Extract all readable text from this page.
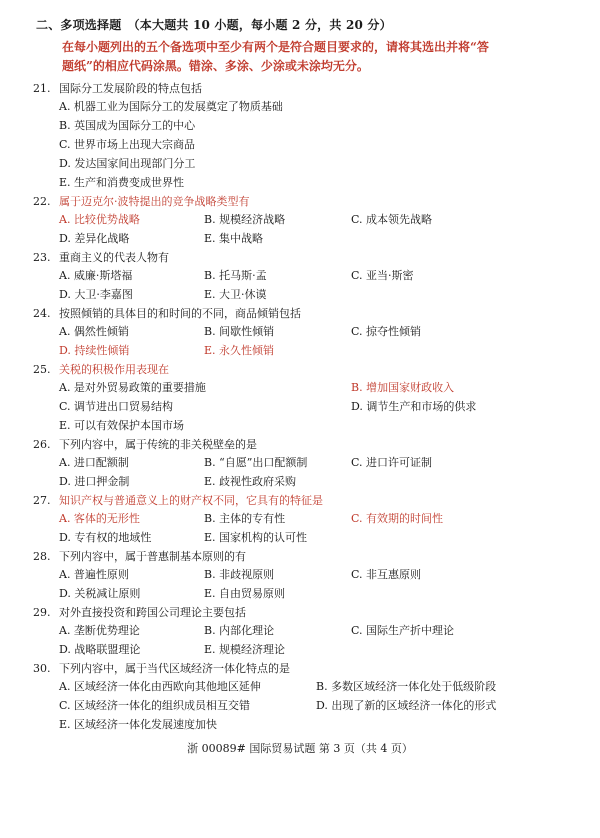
二、多项选择题　（本大题共 10 小题，每小题 2 分，共 20 分）
在每小题列出的五个备选项中至少有两个是符合题目要求的，请将其选出并将“答
题纸”的相应代码涂黑。错涂、多涂、少涂或未涂均无分。
21. 国际分工发展阶段的特点包括
A. 机器工业为国际分工的发展奠定了物质基础
B. 英国成为国际分工的中心
C. 世界市场上出现大宗商品
D. 发达国家间出现部门分工
E. 生产和消费变成世界性
22. 属于迈克尔·波特提出的竞争战略类型有
A. 比较优势战略	B. 规模经济战略	C. 成本领先战略
D. 差异化战略	E. 集中战略
23. 重商主义的代表人物有
A. 威廉·斯塔福	B. 托马斯·孟	C. 亚当·斯密
D. 大卫·李嘉图	E. 大卫·休谟
24. 按照倾销的具体目的和时间的不同，商品倾销包括
A. 偶然性倾销	B. 间歇性倾销	C. 掠夺性倾销
D. 持续性倾销	E. 永久性倾销
25. 关税的积极作用表现在
A. 是对外贸易政策的重要措施	B. 增加国家财政收入
C. 调节进出口贸易结构	D. 调节生产和市场的供求
E. 可以有效保护本国市场
26. 下列内容中，属于传统的非关税壁垒的是
A. 进口配额制	B. “自愿”出口配额制	C. 进口许可证制
D. 进口押金制	E. 歧视性政府采购
27. 知识产权与普通意义上的财产权不同，它具有的特征是
A. 客体的无形性	B. 主体的专有性	C. 有效期的时间性
D. 专有权的地域性	E. 国家机构的认可性
28. 下列内容中，属于普惠制基本原则的有
A. 普遍性原则	B. 非歧视原则	C. 非互惠原则
D. 关税减让原则	E. 自由贸易原则
29. 对外直接投资和跨国公司理论主要包括
A. 垄断优势理论	B. 内部化理论	C. 国际生产折中理论
D. 战略联盟理论	E. 规模经济理论
30. 下列内容中，属于当代区域经济一体化特点的是
A. 区域经济一体化由西欧向其他地区延伸	B. 多数区域经济一体化处于低级阶段
C. 区域经济一体化的组织成员相互交错	D. 出现了新的区域经济一体化的形式
E. 区域经济一体化发展速度加快
浙 00089# 国际贸易试题 第 3 页（共 4 页）
